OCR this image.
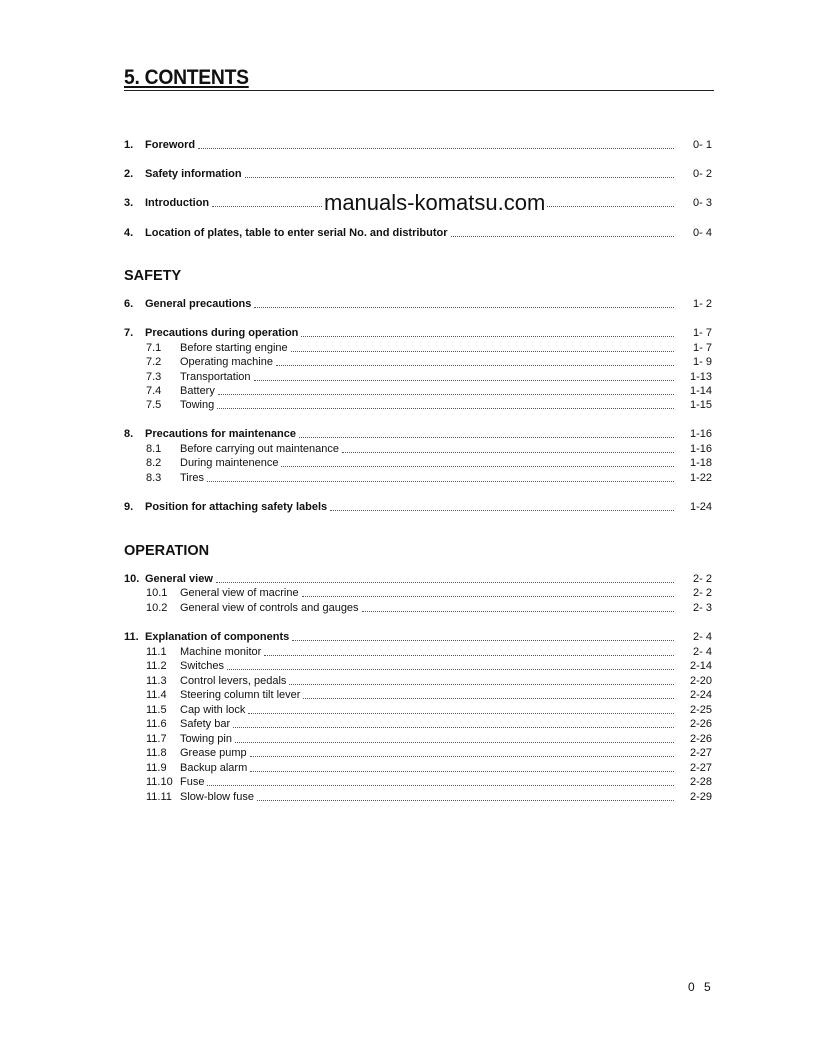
5. CONTENTS
1.	Foreword	0- 1
2.	Safety information	0- 2
3.	Introduction	0- 3
4.	Location of plates, table to enter serial No. and distributor	0- 4
SAFETY
6.	General precautions	1- 2
7.	Precautions during operation	1- 7
7.1	Before starting engine	1- 7
7.2	Operating machine	1- 9
7.3	Transportation	1-13
7.4	Battery	1-14
7.5	Towing	1-15
8.	Precautions for maintenance	1-16
8.1	Before carrying out maintenance	1-16
8.2	During maintenence	1-18
8.3	Tires	1-22
9.	Position for attaching safety labels	1-24
OPERATION
10. General view	2- 2
10.1	General view of macrine	2- 2
10.2	General view of controls and gauges	2- 3
11. Explanation of components	2- 4
11.1	Machine monitor	2- 4
11.2	Switches	2-14
11.3	Control levers, pedals	2-20
11.4	Steering column tilt lever	2-24
11.5	Cap with lock	2-25
11.6	Safety bar	2-26
11.7	Towing pin	2-26
11.8	Grease pump	2-27
11.9	Backup alarm	2-27
11.10 Fuse	2-28
11.11 Slow-blow fuse	2-29
manuals-komatsu.com
0 5
